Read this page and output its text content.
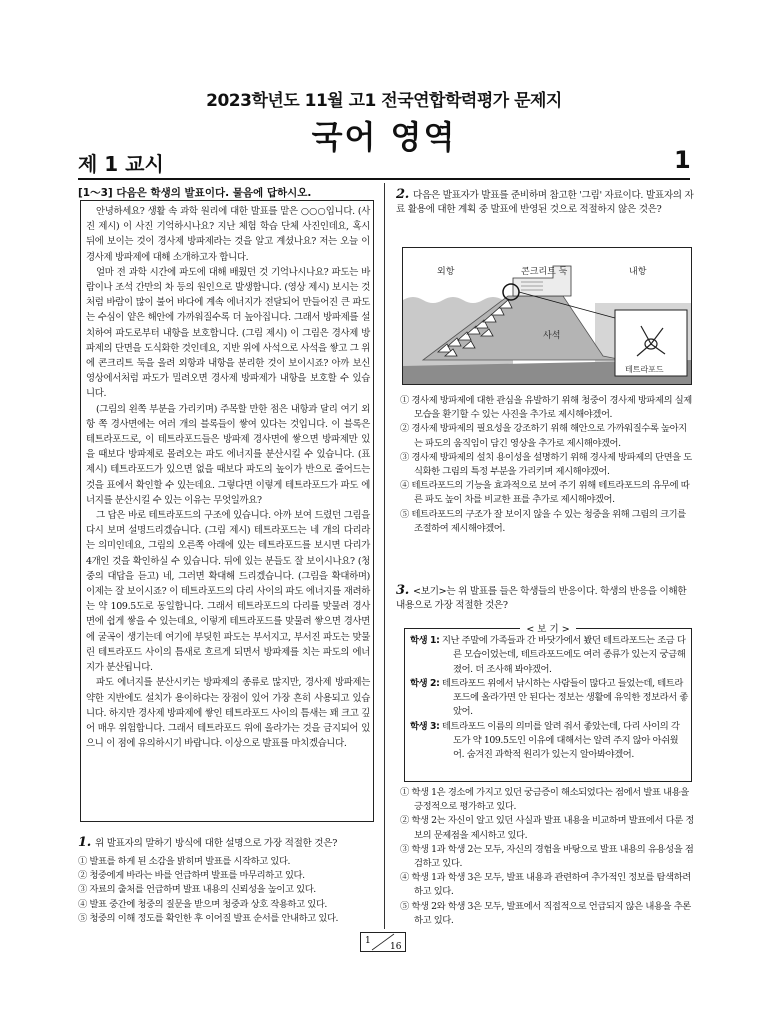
2023학년도 11월 고1 전국연합학력평가 문제지
국어 영역
제 1 교시	1
[1～3] 다음은 학생의 발표이다. 물음에 답하시오.

안녕하세요? 생활 속 과학 원리에 대한 발표를 맡은 ○○○입니다. (사진 제시) 이 사진 기억하시나요? 지난 체험 학습 단체 사진인데요, 혹시 뒤에 보이는 것이 경사제 방파제라는 것을 알고 계셨나요? 저는 오늘 이 경사제 방파제에 대해 소개하고자 합니다.

얼마 전 과학 시간에 파도에 대해 배웠던 것 기억나시나요? 파도는 바람이나 조석 간만의 차 등의 원인으로 발생합니다. (영상 제시) 보시는 것처럼 바람이 많이 불어 바다에 계속 에너지가 전달되어 만들어진 큰 파도는 수심이 얕은 해안에 가까워질수록 더 높아집니다. 그래서 방파제를 설치하여 파도로부터 내항을 보호합니다. (그림 제시) 이 그림은 경사제 방파제의 단면을 도식화한 것인데요, 지반 위에 사석으로 사석을 쌓고 그 위에 콘크리트 둑을 올려 외항과 내항을 분리한 것이 보이시죠? 아까 보신 영상에서처럼 파도가 밀려오면 경사제 방파제가 내항을 보호할 수 있습니다.

(그림의 왼쪽 부분을 가리키며) 주목할 만한 점은 내항과 달리 여기 외항 쪽 경사면에는 여러 개의 블록들이 쌓여 있다는 것입니다. 이 블록은 테트라포드로, 이 테트라포드들은 방파제 경사면에 쌓으면 방파제만 있을 때보다 방파제로 몰려오는 파도 에너지를 분산시킬 수 있습니다. (표 제시) 테트라포드가 있으면 없을 때보다 파도의 높이가 반으로 줄어드는 것을 표에서 확인할 수 있는데요. 그렇다면 이렇게 테트라포드가 파도 에너지를 분산시킬 수 있는 이유는 무엇일까요?

그 답은 바로 테트라포드의 구조에 있습니다. 아까 보여 드렸던 그림을 다시 보며 설명드리겠습니다. (그림 제시) 테트라포드는 네 개의 다리라는 의미인데요, 그림의 오른쪽 아래에 있는 테트라포드를 보시면 다리가 4개인 것을 확인하실 수 있습니다. 뒤에 있는 분들도 잘 보이시나요? (청중의 대답을 듣고) 네, 그러면 확대해 드리겠습니다. (그림을 확대하며) 이제는 잘 보이시죠? 이 테트라포드의 다리 사이의 파도 에너지를 재려하는 약 109.5도로 동일합니다. 그래서 테트라포드의 다리를 맞물려 경사면에 쉽게 쌓을 수 있는데요, 이렇게 테트라포드를 맞물려 쌓으면 경사면에 굴곡이 생기는데 여기에 부딪힌 파도는 부서지고, 부서진 파도는 맞물린 테트라포드 사이의 틈새로 흐르게 되면서 방파제를 치는 파도의 에너지가 분산됩니다.

파도 에너지를 분산시키는 방파제의 종류로 많지만, 경사제 방파제는 약한 지반에도 설치가 용이하다는 장점이 있어 가장 흔히 사용되고 있습니다. 하지만 경사제 방파제에 쌓인 테트라포드 사이의 틈새는 꽤 크고 깊어 매우 위험합니다. 그래서 테트라포드 위에 올라가는 것을 금지되어 있으니 이 점에 유의하시기 바랍니다. 이상으로 발표를 마치겠습니다.

1. 위 발표자의 말하기 방식에 대한 설명으로 가장 적절한 것은?
① 발표를 하게 된 소감을 밝히며 발표를 시작하고 있다.
② 청중에게 바라는 바를 언급하며 발표를 마무리하고 있다.
③ 자료의 출처를 언급하며 발표 내용의 신뢰성을 높이고 있다.
④ 발표 중간에 청중의 질문을 받으며 청중과 상호 작용하고 있다.
⑤ 청중의 이해 정도를 확인한 후 이어질 발표 순서를 안내하고 있다.
2. 다음은 발표자가 발표를 준비하며 참고한 '그림' 자료이다. 발표자의 자료 활용에 대한 계획 중 발표에 반영된 것으로 적절하지 않은 것은?
외항	콘크리트 둑	내항
사석
테트라포드
① 경사제 방파제에 대한 관심을 유발하기 위해 청중이 경사제 방파제의 실제 모습을 환기할 수 있는 사진을 추가로 제시해야겠어.
② 경사제 방파제의 필요성을 강조하기 위해 해안으로 가까워질수록 높아지는 파도의 움직임이 담긴 영상을 추가로 제시해야겠어.
③ 경사제 방파제의 설치 용이성을 설명하기 위해 경사제 방파제의 단면을 도식화한 그림의 특정 부분을 가리키며 제시해야겠어.
④ 테트라포드의 기능을 효과적으로 보여 주기 위해 테트라포드의 유무에 따른 파도 높이 차를 비교한 표를 추가로 제시해야겠어.
⑤ 테트라포드의 구조가 잘 보이지 않을 수 있는 청중을 위해 그림의 크기를 조절하여 제시해야겠어.
3. <보기>는 위 발표를 들은 학생들의 반응이다. 학생의 반응을 이해한 내용으로 가장 적절한 것은?
< 보 기 >
학생 1: 지난 주말에 가족들과 간 바닷가에서 봤던 테트라포드는 조금 다른 모습이었는데, 테트라포드에도 여러 종류가 있는지 궁금해졌어. 더 조사해 봐야겠어.
학생 2: 테트라포드 위에서 낚시하는 사람들이 많다고 들었는데, 테트라포드에 올라가면 안 된다는 정보는 생활에 유익한 정보라서 좋았어.
학생 3: 테트라포드 이름의 의미를 알려 줘서 좋았는데, 다리 사이의 각도가 약 109.5도인 이유에 대해서는 알려 주지 않아 아쉬웠어. 숨겨진 과학적 원리가 있는지 알아봐야겠어.
① 학생 1은 경소에 가지고 있던 궁금증이 해소되었다는 점에서 발표 내용을 긍정적으로 평가하고 있다.
② 학생 2는 자신이 알고 있던 사실과 발표 내용을 비교하며 발표에서 다룬 정보의 문제점을 제시하고 있다.
③ 학생 1과 학생 2는 모두, 자신의 경험을 바탕으로 발표 내용의 유용성을 점검하고 있다.
④ 학생 1과 학생 3은 모두, 발표 내용과 관련하여 추가적인 정보를 탐색하려 하고 있다.
⑤ 학생 2와 학생 3은 모두, 발표에서 직접적으로 언급되지 않은 내용을 추론하고 있다.
1
16
